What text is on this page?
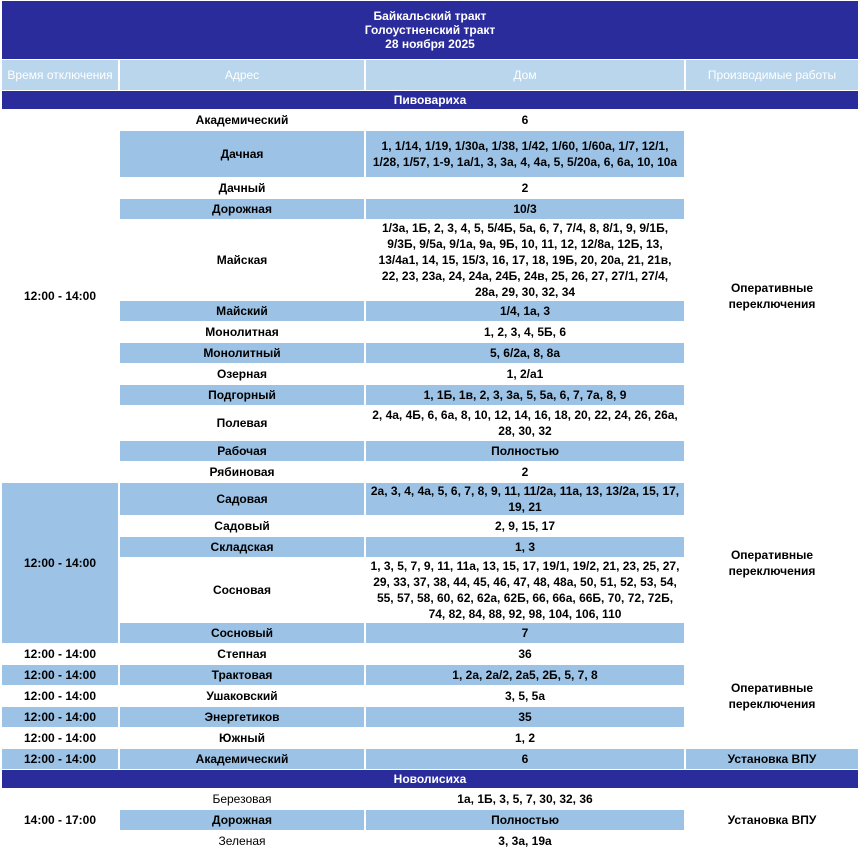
Байкальский тракт
Голоустненский тракт
28 ноября 2025			

Время отключения	Адрес	Дом	Производимые работы
Пивовариха			
12:00 - 14:00	Академический	6	Оперативные переключения
	Дачная	1, 1/14, 1/19, 1/30а, 1/38, 1/42, 1/60, 1/60а, 1/7, 12/1, 1/28, 1/57, 1-9, 1а/1, 3, 3а, 4, 4а, 5, 5/20а, 6, 6а, 10, 10а	
	Дачный	2	
	Дорожная	10/3	
	Майская	1/3а, 1Б, 2, 3, 4, 5, 5/4Б, 5а, 6, 7, 7/4, 8, 8/1, 9, 9/1Б, 9/3Б, 9/5а, 9/1а, 9а, 9Б, 10, 11, 12, 12/8а, 12Б, 13, 13/4а1, 14, 15, 15/3, 16, 17, 18, 19Б, 20, 20а, 21, 21в, 22, 23, 23а, 24, 24а, 24Б, 24в, 25, 26, 27, 27/1, 27/4, 28а, 29, 30, 32, 34	
	Майский	1/4, 1а, 3	
	Монолитная	1, 2, 3, 4, 5Б, 6	
	Монолитный	5, 6/2а, 8, 8а	
	Озерная	1, 2/а1	
	Подгорный	1, 1Б, 1в, 2, 3, 3а, 5, 5а, 6, 7, 7а, 8, 9	
	Полевая	2, 4а, 4Б, 6, 6а, 8, 10, 12, 14, 16, 18, 20, 22, 24, 26, 26а, 28, 30, 32	
	Рабочая	Полностью	
	Рябиновая	2	
12:00 - 14:00	Садовая	2а, 3, 4, 4а, 5, 6, 7, 8, 9, 11, 11/2а, 11а, 13, 13/2а, 15, 17, 19, 21	Оперативные переключения
	Садовый	2, 9, 15, 17	
	Складская	1, 3	
	Сосновая	1, 3, 5, 7, 9, 11, 11а, 13, 15, 17, 19/1, 19/2, 21, 23, 25, 27, 29, 33, 37, 38, 44, 45, 46, 47, 48, 48а, 50, 51, 52, 53, 54, 55, 57, 58, 60, 62, 62а, 62Б, 66, 66а, 66Б, 70, 72, 72Б, 74, 82, 84, 88, 92, 98, 104, 106, 110	
	Сосновый	7	
12:00 - 14:00	Степная	36	Оперативные переключения
12:00 - 14:00	Трактовая	1, 2а, 2а/2, 2а5, 2Б, 5, 7, 8	
12:00 - 14:00	Ушаковский	3, 5, 5а	
12:00 - 14:00	Энергетиков	35	
12:00 - 14:00	Южный	1, 2	
12:00 - 14:00	Академический	6	Установка ВПУ
Новолисиха			
14:00 - 17:00	Березовая	1а, 1Б, 3, 5, 7, 30, 32, 36	Установка ВПУ
	Дорожная	Полностью	
	Зеленая	3, 3а, 19а	
